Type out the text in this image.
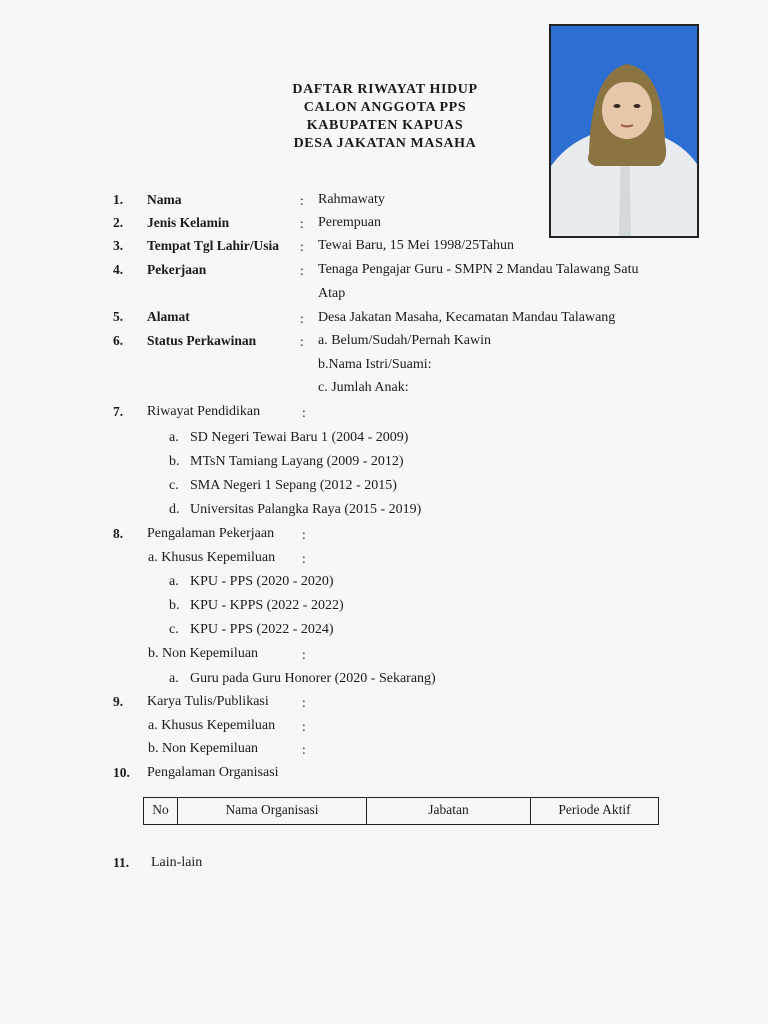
DAFTAR RIWAYAT HIDUP
CALON ANGGOTA PPS
KABUPATEN KAPUAS
DESA JAKATAN MASAHA
1. Nama	: Rahmawaty
2. Jenis Kelamin	: Perempuan
3. Tempat Tgl Lahir/Usia : Tewai Baru, 15 Mei 1998/25Tahun
4. Pekerjaan	: Tenaga Pengajar Guru - SMPN 2 Mandau Talawang Satu
Atap
5. Alamat	: Desa Jakatan Masaha, Kecamatan Mandau Talawang
6. Status Perkawinan	: a. Belum/Sudah/Pernah Kawin
b.Nama Istri/Suami:
c. Jumlah Anak:
7. Riwayat Pendidikan	:
a. SD Negeri Tewai Baru 1 (2004 - 2009)
b. MTsN Tamiang Layang (2009 - 2012)
c. SMA Negeri 1 Sepang (2012 - 2015)
d. Universitas Palangka Raya (2015 - 2019)
8. Pengalaman Pekerjaan :
a. Khusus Kepemiluan :
a. KPU - PPS (2020 - 2020)
b. KPU - KPPS (2022 - 2022)
c. KPU - PPS (2022 - 2024)
b. Non Kepemiluan	:
a. Guru pada Guru Honorer (2020 - Sekarang)
9. Karya Tulis/Publikasi :
a. Khusus Kepemiluan :
b. Non Kepemiluan	:
10. Pengalaman Organisasi
No	Nama Organisasi	Jabatan	Periode Aktif
11. Lain-lain
